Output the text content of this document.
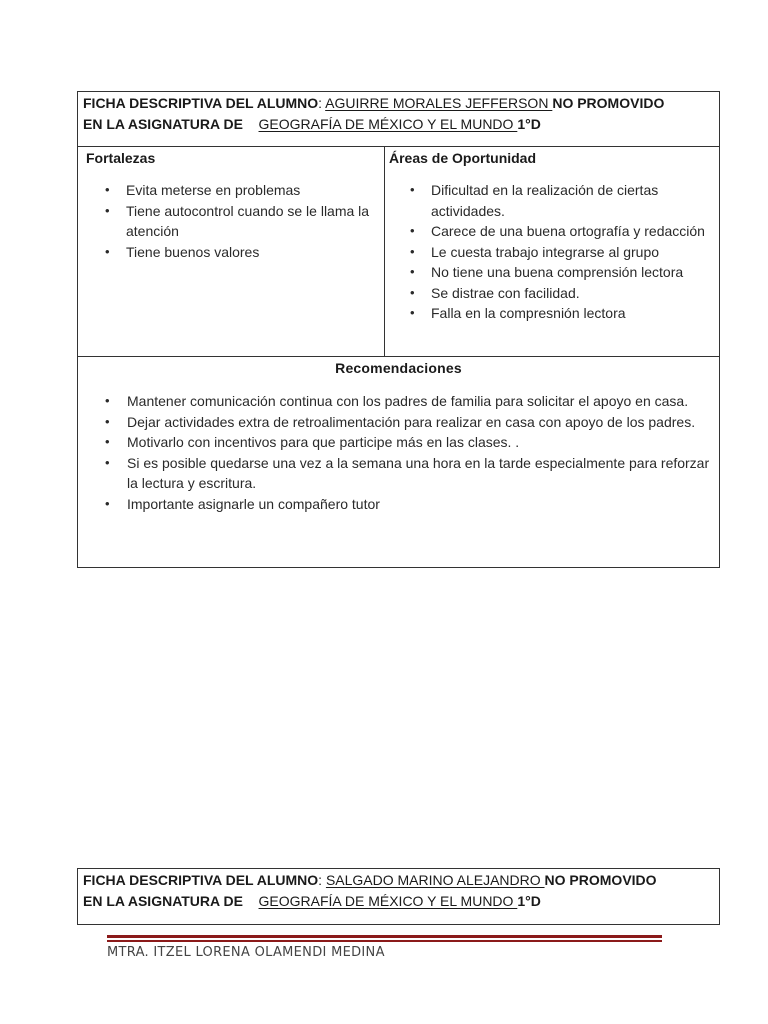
FICHA DESCRIPTIVA DEL ALUMNO: AGUIRRE MORALES JEFFERSON NO PROMOVIDO
EN LA ASIGNATURA DE GEOGRAFÍA DE MÉXICO Y EL MUNDO 1°D
Fortalezas
• Evita meterse en problemas
• Tiene autocontrol cuando se le llama la atención
• Tiene buenos valores
Áreas de Oportunidad
• Dificultad en la realización de ciertas actividades.
• Carece de una buena ortografía y redacción
• Le cuesta trabajo integrarse al grupo
• No tiene una buena comprensión lectora
• Se distrae con facilidad.
• Falla en la compresnión lectora
Recomendaciones
• Mantener comunicación continua con los padres de familia para solicitar el apoyo en casa.
• Dejar actividades extra de retroalimentación para realizar en casa con apoyo de los padres.
• Motivarlo con incentivos para que participe más en las clases. .
• Si es posible quedarse una vez a la semana una hora en la tarde especialmente para reforzar la lectura y escritura.
• Importante asignarle un compañero tutor
FICHA DESCRIPTIVA DEL ALUMNO: SALGADO MARINO ALEJANDRO NO PROMOVIDO
EN LA ASIGNATURA DE GEOGRAFÍA DE MÉXICO Y EL MUNDO 1°D
MTRA. ITZEL LORENA OLAMENDI MEDINA
